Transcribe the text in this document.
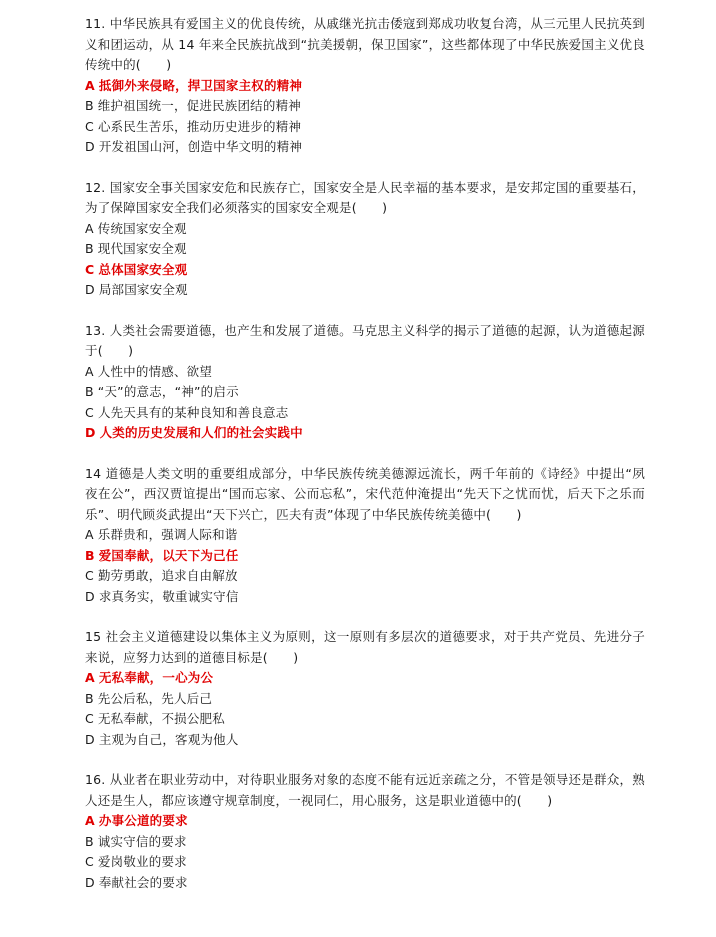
11. 中华民族具有爱国主义的优良传统，从戚继光抗击倭寇到郑成功收复台湾，从三元里人民抗英到义和团运动，从 14 年来全民族抗战到“抗美援朝，保卫国家”，这些都体现了中华民族爱国主义优良传统中的(　　)

A 抵御外来侵略，捍卫国家主权的精神

B 维护祖国统一，促进民族团结的精神

C 心系民生苦乐，推动历史进步的精神

D 开发祖国山河，创造中华文明的精神

12. 国家安全事关国家安危和民族存亡，国家安全是人民幸福的基本要求，是安邦定国的重要基石，为了保障国家安全我们必须落实的国家安全观是(　　)

A 传统国家安全观

B 现代国家安全观

C 总体国家安全观

D 局部国家安全观

13. 人类社会需要道德，也产生和发展了道德。马克思主义科学的揭示了道德的起源，认为道德起源于(　　)

A 人性中的情感、欲望

B “天”的意志，“神”的启示

C 人先天具有的某种良知和善良意志

D 人类的历史发展和人们的社会实践中

14 道德是人类文明的重要组成部分，中华民族传统美德源远流长，两千年前的《诗经》中提出“夙夜在公”，西汉贾谊提出“国而忘家、公而忘私”，宋代范仲淹提出“先天下之忧而忧，后天下之乐而乐”、明代顾炎武提出“天下兴亡，匹夫有责”体现了中华民族传统美德中(　　)

A 乐群贵和，强调人际和谐

B 爱国奉献，以天下为己任

C 勤劳勇敢，追求自由解放

D 求真务实，敬重诚实守信

15 社会主义道德建设以集体主义为原则，这一原则有多层次的道德要求，对于共产党员、先进分子来说，应努力达到的道德目标是(　　)

A 无私奉献，一心为公

B 先公后私，先人后己

C 无私奉献，不损公肥私

D 主观为自己，客观为他人

16. 从业者在职业劳动中，对待职业服务对象的态度不能有远近亲疏之分，不管是领导还是群众，熟人还是生人，都应该遵守规章制度，一视同仁，用心服务，这是职业道德中的(　　)

A 办事公道的要求

B 诚实守信的要求

C 爱岗敬业的要求

D 奉献社会的要求
